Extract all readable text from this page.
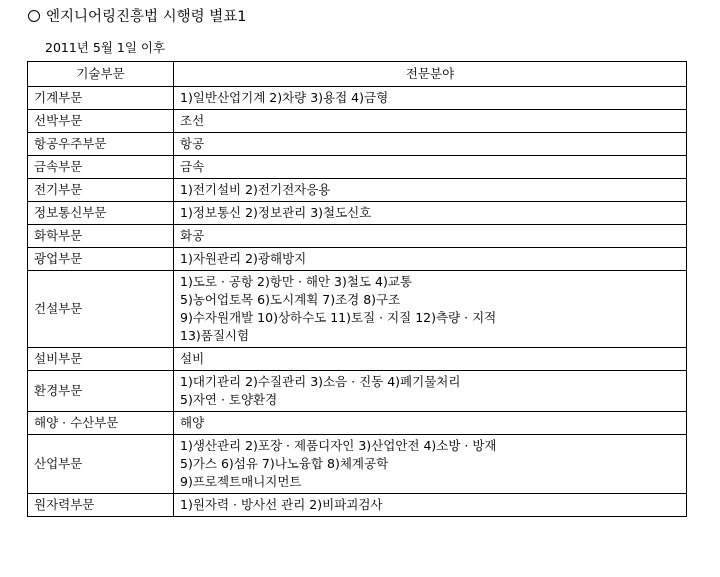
엔지니어링진흥법 시행령 별표1
2011년 5월 1일 이후
기술부문	전문분야
기계부문	1)일반산업기계 2)차량 3)용접 4)금형

선박부문	조선

항공우주부문	항공

금속부문	금속

전기부문	1)전기설비 2)전기전자응용

정보통신부문	1)정보통신 2)정보관리 3)철도신호

화학부문	화공

광업부문	1)자원관리 2)광해방지

건설부문	1)도로 · 공항 2)항만 · 해안 3)철도 4)교통
5)농어업토목 6)도시계획 7)조경 8)구조
9)수자원개발 10)상하수도 11)토질 · 지질 12)측량 · 지적
13)품질시험

설비부문	설비

환경부문	1)대기관리 2)수질관리 3)소음 · 진동 4)폐기물처리
5)자연 · 토양환경

해양 · 수산부문	해양

산업부문	1)생산관리 2)포장 · 제품디자인 3)산업안전 4)소방 · 방재
5)가스 6)섬유 7)나노융합 8)체계공학
9)프로젝트매니지먼트

원자력부문	1)원자력 · 방사선 관리 2)비파괴검사
